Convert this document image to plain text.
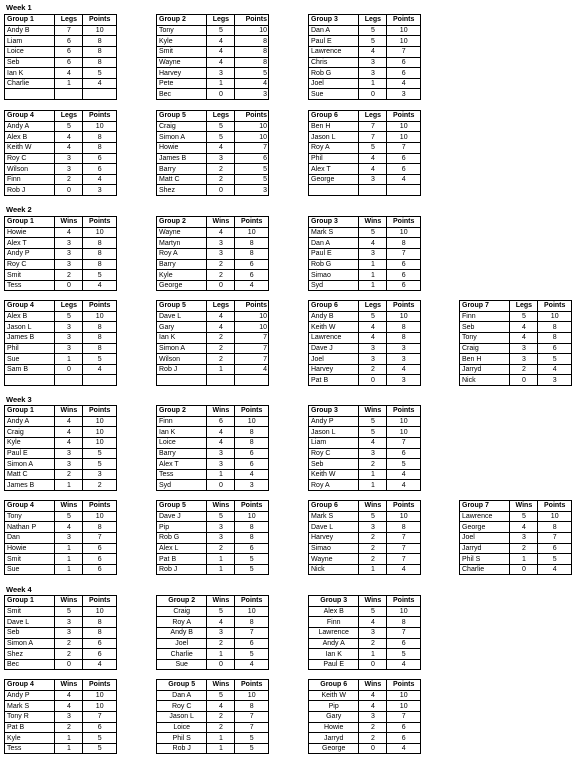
Week 1
Week 2
Week 3
Week 4
Group 1	Legs	Points
Andy B	7	10
Liam	6	8
Loice	6	8
Seb	6	8
Ian K	4	5
Charlie	1	4

Group 2	Legs	Points
Tony	5	10
Kyle	4	8
Smit	4	8
Wayne	4	8
Harvey	3	5
Pete	1	4
Bec	0	3
Group 3	Legs	Points
Dan A	5	10
Paul E	5	10
Lawrence	4	7
Chris	3	6
Rob G	3	6
Joel	1	4
Sue	0	3
Group 4	Legs	Points
Andy A	5	10
Alex B	4	8
Keith W	4	8
Roy C	3	6
Wilson	3	6
Finn	2	4
Rob J	0	3
Group 5	Legs	Points
Craig	5	10
Simon A	5	10
Howie	4	7
James B	3	6
Barry	2	5
Matt C	2	5
Shez	0	3
Group 6	Legs	Points
Ben H	7	10
Jason L	7	10
Roy A	5	7
Phil	4	6
Alex T	4	6
George	3	4

Group 1	Wins	Points
Howie	4	10
Alex T	3	8
Andy P	3	8
Roy C	3	8
Smit	2	5
Tess	0	4
Group 2	Wins	Points
Wayne	4	10
Martyn	3	8
Roy A	3	8
Barry	2	6
Kyle	2	6
George	0	4
Group 3	Wins	Points
Mark S	5	10
Dan A	4	8
Paul E	3	7
Rob G	1	6
Simao	1	6
Syd	1	6
Group 4	Legs	Points
Alex B	5	10
Jason L	3	8
James B	3	8
Phil	3	8
Sue	1	5
Sam B	0	4

Group 5	Legs	Points
Dave L	4	10
Gary	4	10
Ian K	2	7
Simon A	2	7
Wilson	2	7
Rob J	1	4

Group 6	Legs	Points
Andy B	5	10
Keith W	4	8
Lawrence	4	8
Dave J	3	3
Joel	3	3
Harvey	2	4
Pat B	0	3
Group 7	Legs	Points
Finn	5	10
Seb	4	8
Tony	4	8
Craig	3	6
Ben H	3	5
Jarryd	2	4
Nick	0	3
Group 1	Wins	Points
Andy A	4	10
Craig	4	10
Kyle	4	10
Paul E	3	5
Simon A	3	5
Matt C	2	3
James B	1	2
Group 2	Wins	Points
Finn	6	10
Ian K	4	8
Loice	4	8
Barry	3	6
Alex T	3	6
Tess	1	4
Syd	0	3
Group 3	Wins	Points
Andy P	5	10
Jason L	5	10
Liam	4	7
Roy C	3	6
Seb	2	5
Keith W	1	4
Roy A	1	4
Group 4	Wins	Points
Tony	5	10
Nathan P	4	8
Dan	3	7
Howie	1	6
Smit	1	6
Sue	1	6
Group 5	Wins	Points
Dave J	5	10
Pip	3	8
Rob G	3	8
Alex L	2	6
Pat B	1	5
Rob J	1	5
Group 6	Wins	Points
Mark S	5	10
Dave L	3	8
Harvey	2	7
Simao	2	7
Wayne	2	7
Nick	1	4
Group 7	Wins	Points
Lawrence	5	10
George	4	8
Joel	3	7
Jarryd	2	6
Phil S	1	5
Charlie	0	4
Group 1	Wins	Points
Smit	5	10
Dave L	3	8
Seb	3	8
Simon A	2	6
Shez	2	6
Bec	0	4
Group 2	Wins	Points
Craig	5	10
Roy A	4	8
Andy B	3	7
Joel	2	6
Charlie	1	5
Sue	0	4
Group 3	Wins	Points
Alex B	5	10
Finn	4	8
Lawrence	3	7
Andy A	2	6
Ian K	1	5
Paul E	0	4
Group 4	Wins	Points
Andy P	4	10
Mark S	4	10
Tony R	3	7
Pat B	2	6
Kyle	1	5
Tess	1	5
Group 5	Wins	Points
Dan A	5	10
Roy C	4	8
Jason L	2	7
Loice	2	7
Phil S	1	5
Rob J	1	5
Group 6	Wins	Points
Keith W	4	10
Pip	4	10
Gary	3	7
Howie	2	6
Jarryd	2	6
George	0	4
